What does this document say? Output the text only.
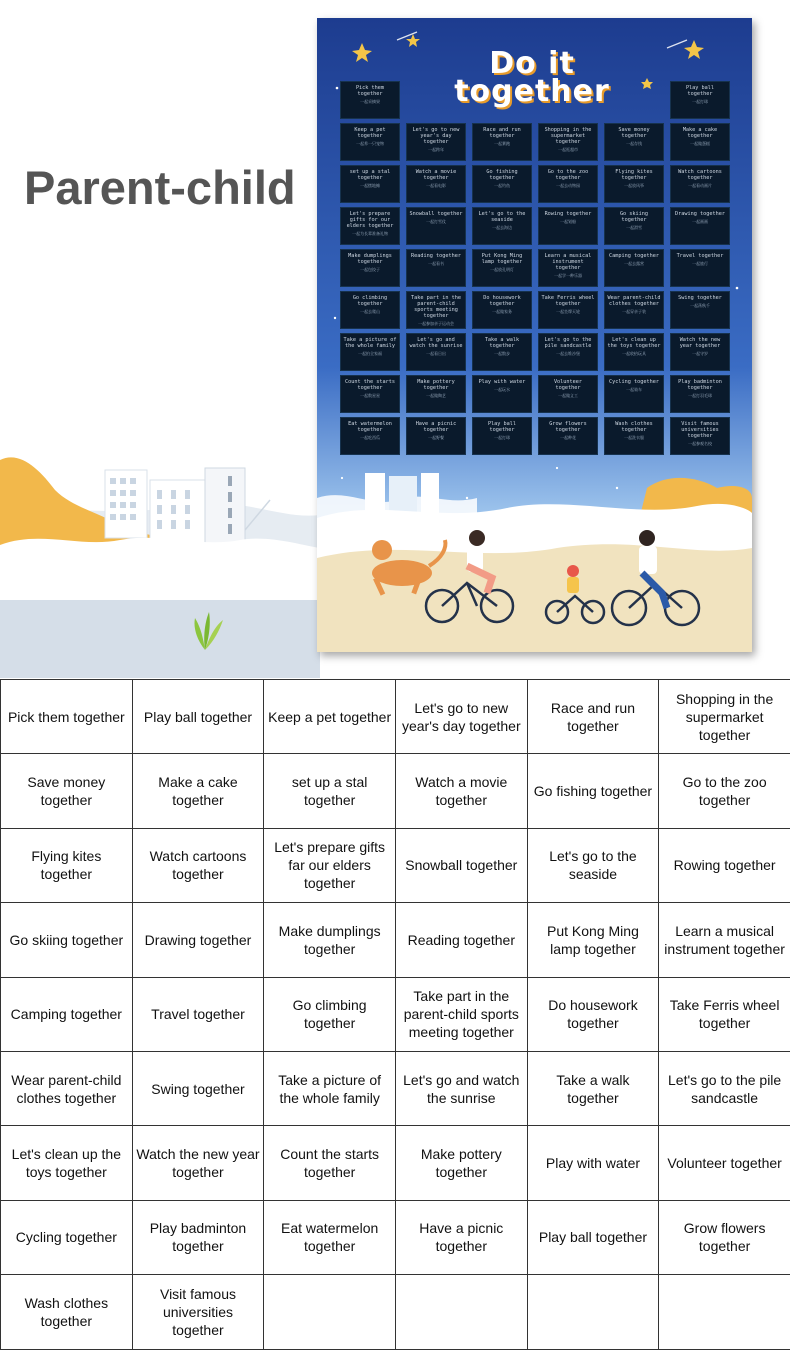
Parent-child
Do it
together
Pick them together
一起采摘果
Play ball together
一起打球
Keep a pet together
一起养一只宠物
Let's go to new year's day together
一起跨年
Race and run together
一起赛跑
Shopping in the supermarket together
一起逛超市
Save money together
一起存钱
Make a cake together
一起做蛋糕
set up a stal together
一起摆地摊
Watch a movie together
一起看电影
Go fishing together
一起钓鱼
Go to the zoo together
一起去动物园
Flying kites together
一起放风筝
Watch cartoons together
一起看动画片
Let's prepare gifts for our elders together
一起为长辈准备礼物
Snowball together
一起打雪仗
Let's go to the seaside
一起去海边
Rowing together
一起划船
Go skiing together
一起滑雪
Drawing together
一起画画
Make dumplings together
一起包饺子
Reading together
一起看书
Put Kong Ming lamp together
一起放孔明灯
Learn a musical instrument together
一起学一种乐器
Camping together
一起去露营
Travel together
一起旅行
Go climbing together
一起去爬山
Take part in the parent-child sports meeting together
一起参加亲子运动会
Do housework together
一起做家务
Take Ferris wheel together
一起坐摩天轮
Wear parent-child clothes together
一起穿亲子装
Swing together
一起荡秋千
Take a picture of the whole family
一起拍全家福
Let's go and watch the sunrise
一起看日出
Take a walk together
一起散步
Let's go to the pile sandcastle
一起去堆沙堡
Let's clean up the toys together
一起收拾玩具
Watch the new year together
一起守岁
Count the starts together
一起数星星
Make pottery together
一起做陶艺
Play with water
一起玩水
Volunteer together
一起做义工
Cycling together
一起骑车
Play badminton together
一起打羽毛球
Eat watermelon together
一起吃西瓜
Have a picnic together
一起野餐
Play ball together
一起打球
Grow flowers together
一起种花
Wash clothes together
一起洗衣服
Visit famous universities together
一起参观名校
Pick them together	Play ball together	Keep a pet together	Let's go to new year's day together	Race and run together	Shopping in the supermarket together
Save money together	Make a cake together	set up a stal together	Watch a movie together	Go fishing together	Go to the zoo together
Flying kites together	Watch cartoons together	Let's prepare gifts far our elders together	Snowball together	Let's go to the seaside	Rowing together
Go skiing together	Drawing together	Make dumplings together	Reading together	Put Kong Ming lamp together	Learn a musical instrument together
Camping together	Travel together	Go climbing together	Take part in the parent-child sports meeting together	Do housework together	Take Ferris wheel together
Wear parent-child clothes together	Swing together	Take a picture of the whole family	Let's go and watch the sunrise	Take a walk together	Let's go to the pile sandcastle
Let's clean up the toys together	Watch the new year together	Count the starts together	Make pottery together	Play with water	Volunteer together
Cycling together	Play badminton together	Eat watermelon together	Have a picnic together	Play ball together	Grow flowers together
Wash clothes together	Visit famous universities together				
